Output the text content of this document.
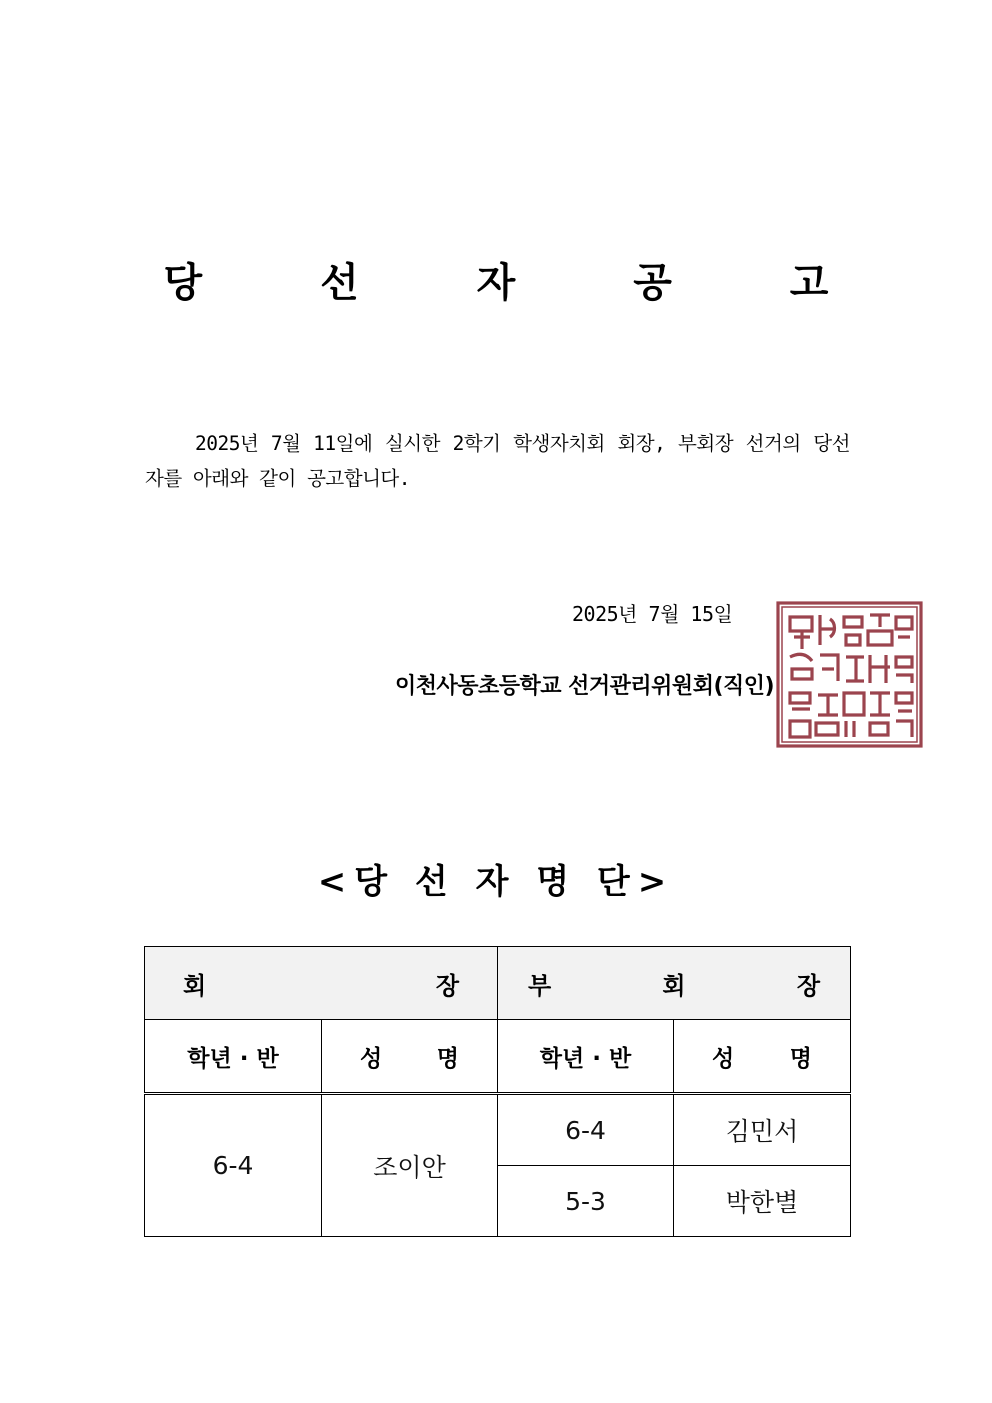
당 선 자 공 고
2025년 7월 11일에 실시한 2학기 학생자치회 회장, 부회장 선거의 당선자를 아래와 같이 공고합니다.
2025년 7월 15일
이천사동초등학교 선거관리위원회(직인)
<당 선 자 명 단>
회 장		부 회 장	

학년 · 반	성 명	학년 · 반	성 명

6-4	조이안	6-4	김민서
		5-3	박한별
